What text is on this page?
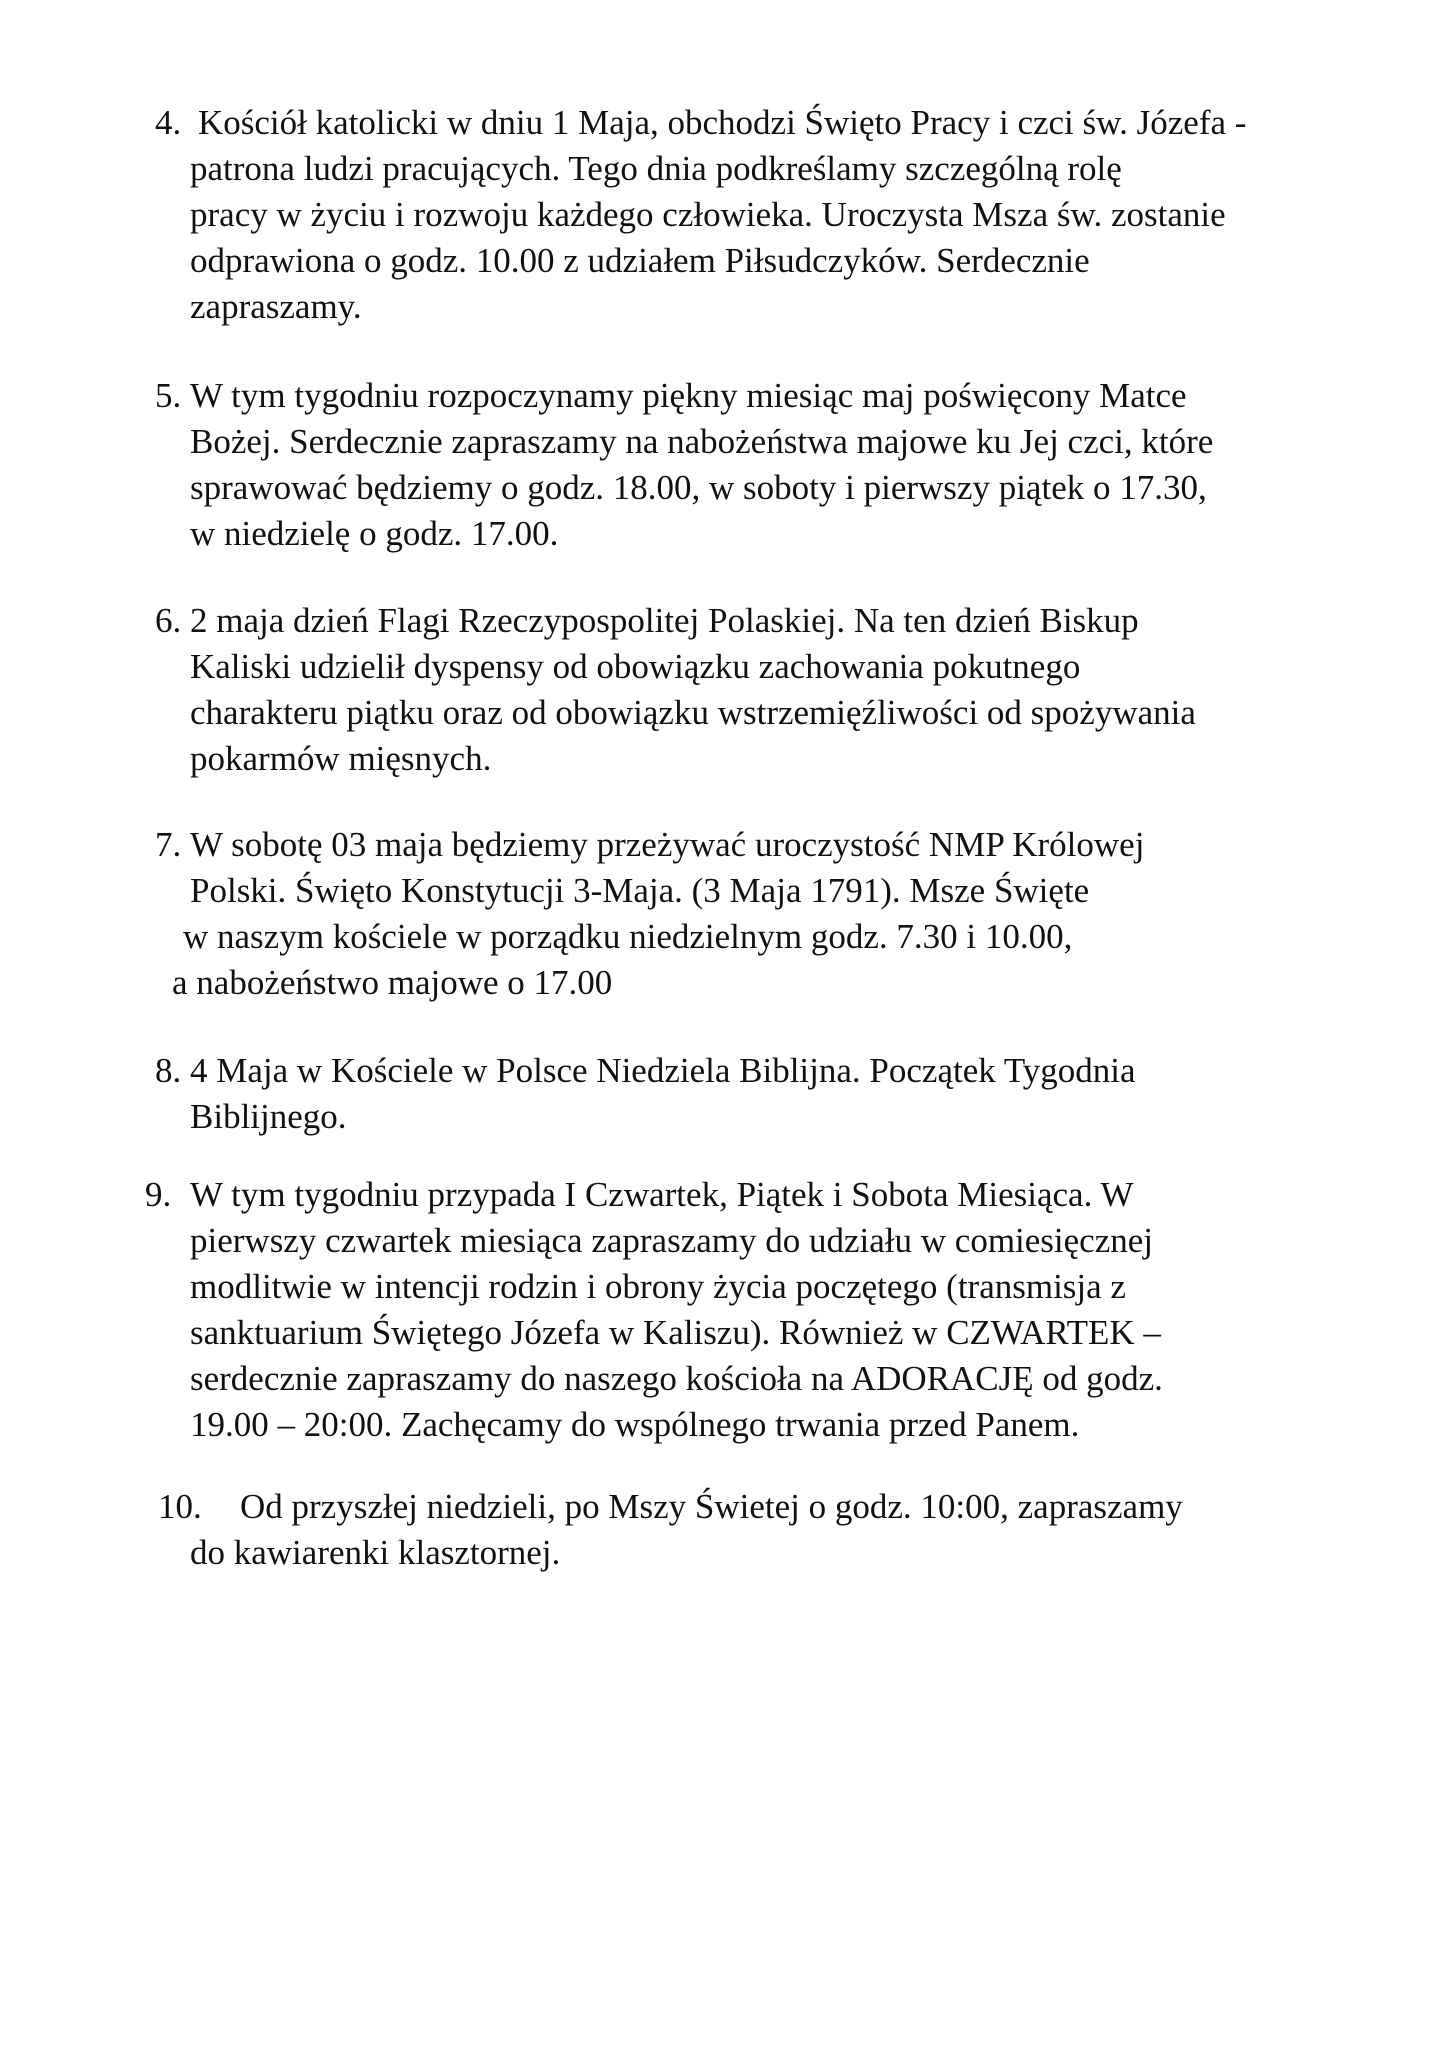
4. Kościół katolicki w dniu 1 Maja, obchodzi Święto Pracy i czci św. Józefa -
patrona ludzi pracujących. Tego dnia podkreślamy szczególną rolę
pracy w życiu i rozwoju każdego człowieka. Uroczysta Msza św. zostanie
odprawiona o godz. 10.00 z udziałem Piłsudczyków. Serdecznie
zapraszamy.
5. W tym tygodniu rozpoczynamy piękny miesiąc maj poświęcony Matce
Bożej. Serdecznie zapraszamy na nabożeństwa majowe ku Jej czci, które
sprawować będziemy o godz. 18.00, w soboty i pierwszy piątek o 17.30,
w niedzielę o godz. 17.00.
6. 2 maja dzień Flagi Rzeczypospolitej Polaskiej. Na ten dzień Biskup
Kaliski udzielił dyspensy od obowiązku zachowania pokutnego
charakteru piątku oraz od obowiązku wstrzemięźliwości od spożywania
pokarmów mięsnych.
7. W sobotę 03 maja będziemy przeżywać uroczystość NMP Królowej
Polski. Święto Konstytucji 3-Maja. (3 Maja 1791). Msze Święte
w naszym kościele w porządku niedzielnym godz. 7.30 i 10.00,
a nabożeństwo majowe o 17.00
8. 4 Maja w Kościele w Polsce Niedziela Biblijna. Początek Tygodnia
Biblijnego.
9. W tym tygodniu przypada I Czwartek, Piątek i Sobota Miesiąca. W
pierwszy czwartek miesiąca zapraszamy do udziału w comiesięcznej
modlitwie w intencji rodzin i obrony życia poczętego (transmisja z
sanktuarium Świętego Józefa w Kaliszu). Również w CZWARTEK –
serdecznie zapraszamy do naszego kościoła na ADORACJĘ od godz.
19.00 – 20:00. Zachęcamy do wspólnego trwania przed Panem.
10. Od przyszłej niedzieli, po Mszy Świetej o godz. 10:00, zapraszamy
do kawiarenki klasztornej.
